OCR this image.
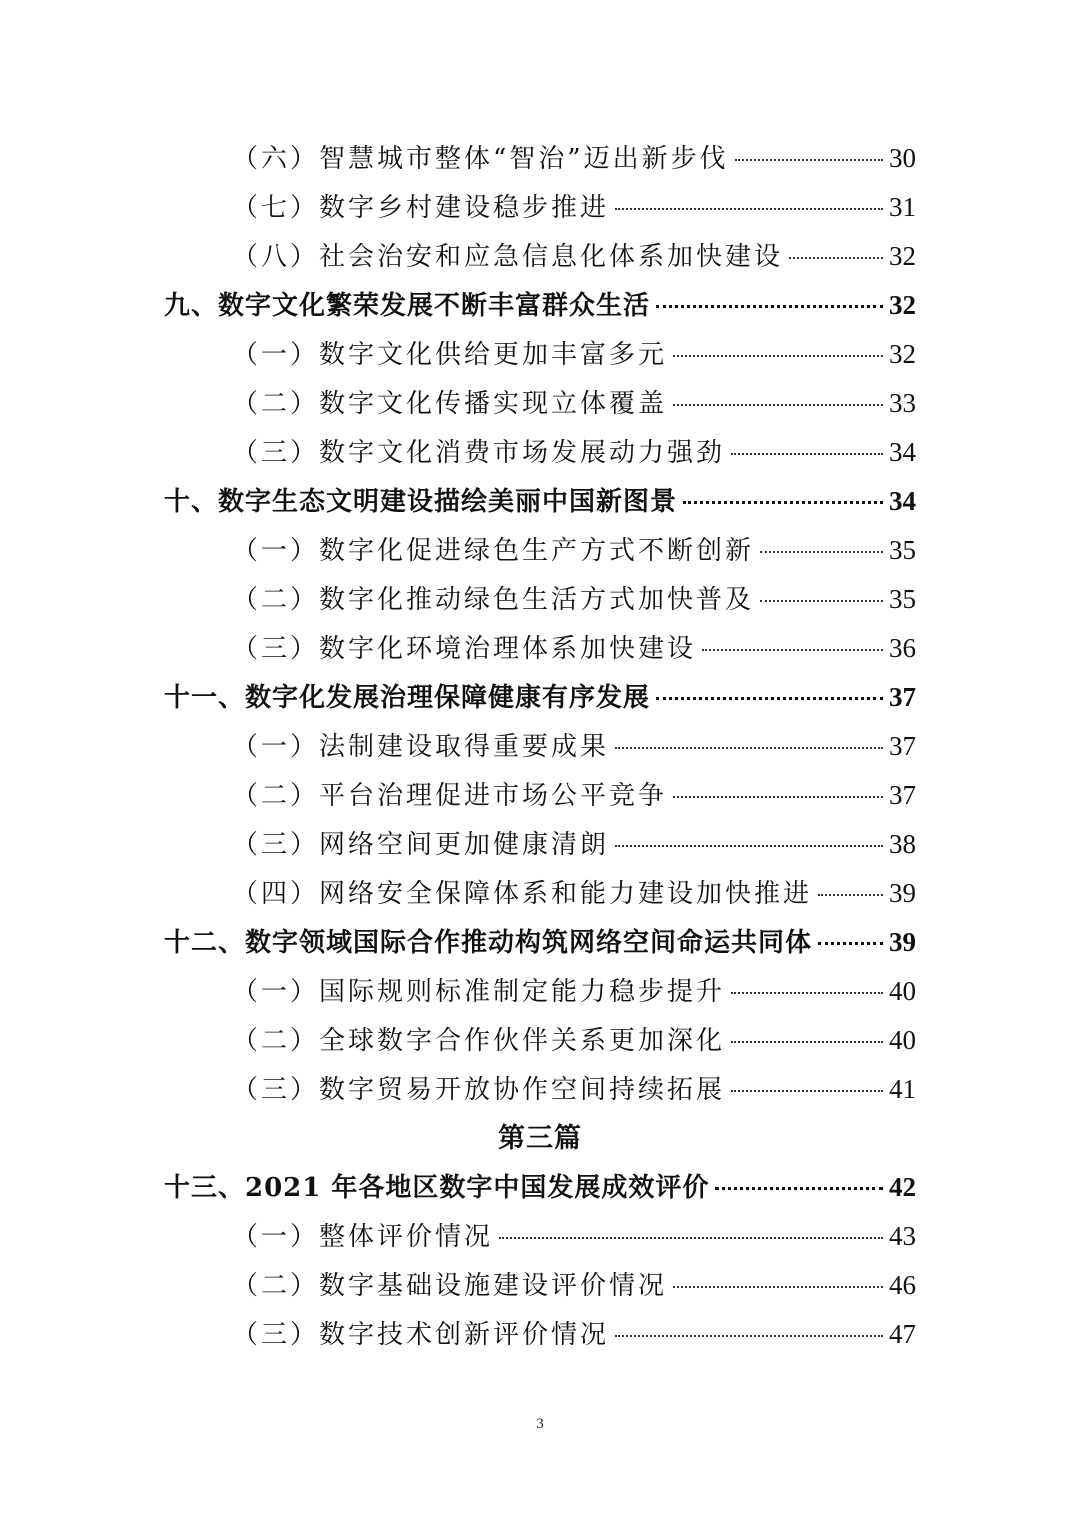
（六）智慧城市整体“智治”迈出新步伐	30
（七）数字乡村建设稳步推进	31
（八）社会治安和应急信息化体系加快建设	32
九、数字文化繁荣发展不断丰富群众生活	32
（一）数字文化供给更加丰富多元	32
（二）数字文化传播实现立体覆盖	33
（三）数字文化消费市场发展动力强劲	34
十、数字生态文明建设描绘美丽中国新图景	34
（一）数字化促进绿色生产方式不断创新	35
（二）数字化推动绿色生活方式加快普及	35
（三）数字化环境治理体系加快建设	36
十一、数字化发展治理保障健康有序发展	37
（一）法制建设取得重要成果	37
（二）平台治理促进市场公平竞争	37
（三）网络空间更加健康清朗	38
（四）网络安全保障体系和能力建设加快推进	39
十二、数字领域国际合作推动构筑网络空间命运共同体	39
（一）国际规则标准制定能力稳步提升	40
（二）全球数字合作伙伴关系更加深化	40
（三）数字贸易开放协作空间持续拓展	41
第三篇
十三、2021 年各地区数字中国发展成效评价	42
（一）整体评价情况	43
（二）数字基础设施建设评价情况	46
（三）数字技术创新评价情况	47
3
